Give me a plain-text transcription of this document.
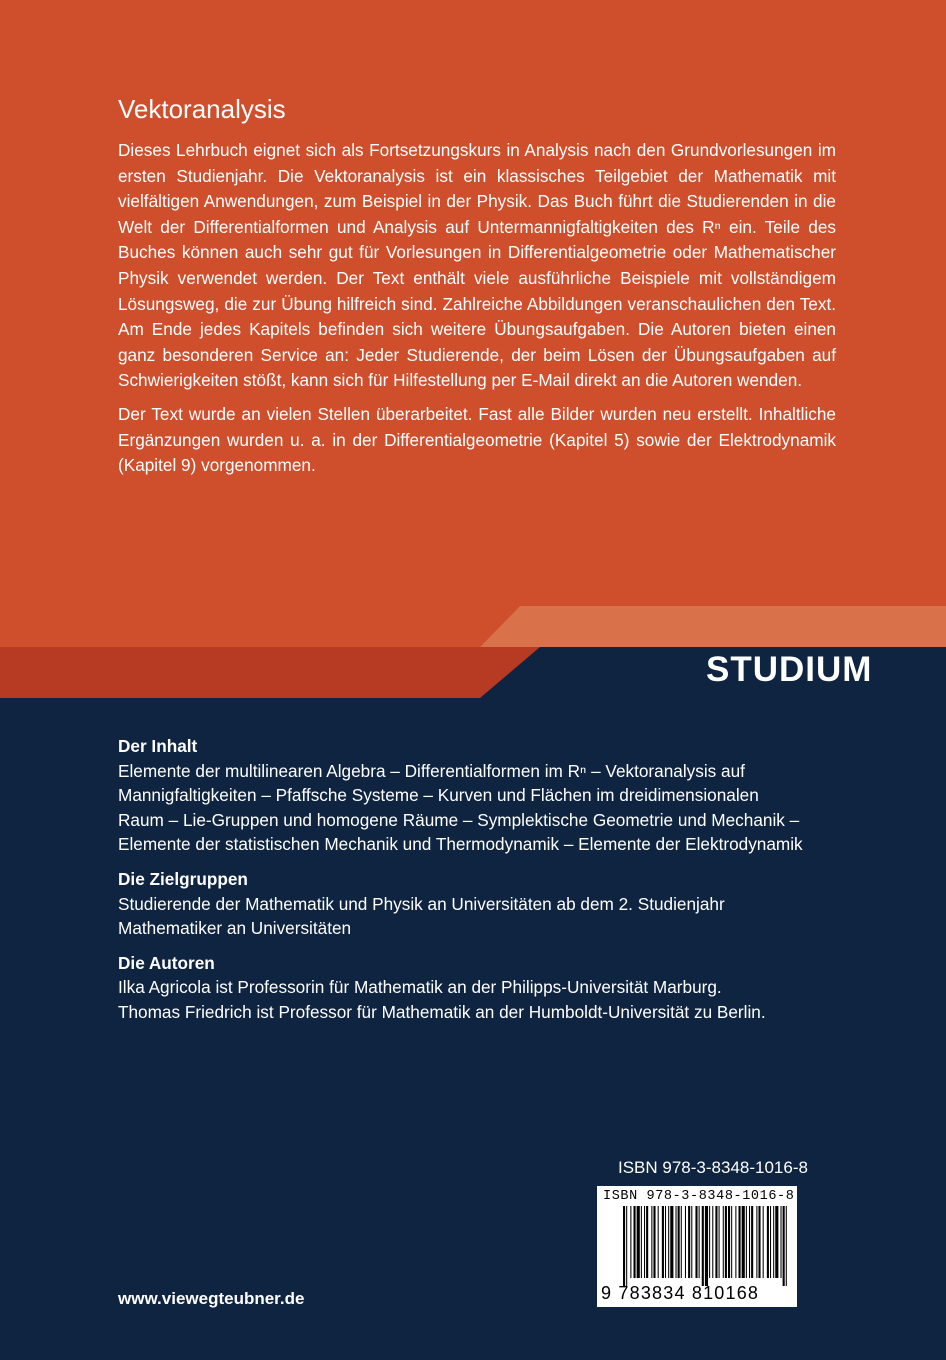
Vektoranalysis

Dieses Lehrbuch eignet sich als Fortsetzungskurs in Analysis nach den Grundvorlesungen im ersten Studienjahr. Die Vektoranalysis ist ein klassisches Teilgebiet der Mathematik mit vielfältigen Anwendungen, zum Beispiel in der Physik. Das Buch führt die Studierenden in die Welt der Differentialformen und Analysis auf Untermannigfaltigkeiten des Rⁿ ein. Teile des Buches können auch sehr gut für Vorlesungen in Differentialgeometrie oder Mathematischer Physik verwendet werden. Der Text enthält viele ausführliche Beispiele mit vollständigem Lösungsweg, die zur Übung hilfreich sind. Zahlreiche Abbildungen veranschaulichen den Text. Am Ende jedes Kapitels befinden sich weitere Übungsaufgaben. Die Autoren bieten einen ganz besonderen Service an: Jeder Studierende, der beim Lösen der Übungsaufgaben auf Schwierigkeiten stößt, kann sich für Hilfestellung per E-Mail direkt an die Autoren wenden.

Der Text wurde an vielen Stellen überarbeitet. Fast alle Bilder wurden neu erstellt. Inhaltliche Ergänzungen wurden u. a. in der Differentialgeometrie (Kapitel 5) sowie der Elektrodynamik (Kapitel 9) vorgenommen.

STUDIUM
Der Inhalt
Elemente der multilinearen Algebra – Differentialformen im Rⁿ – Vektoranalysis auf
Mannigfaltigkeiten – Pfaffsche Systeme – Kurven und Flächen im dreidimensionalen
Raum – Lie-Gruppen und homogene Räume – Symplektische Geometrie und Mechanik – Elemente der statistischen Mechanik und Thermodynamik – Elemente der Elektrodynamik
Die Zielgruppen
Studierende der Mathematik und Physik an Universitäten ab dem 2. Studienjahr
Mathematiker an Universitäten
Die Autoren
Ilka Agricola ist Professorin für Mathematik an der Philipps-Universität Marburg.
Thomas Friedrich ist Professor für Mathematik an der Humboldt-Universität zu Berlin.
ISBN 978-3-8348-1016-8
ISBN 978-3-8348-1016-8
9 783834 810168
www.viewegteubner.de
